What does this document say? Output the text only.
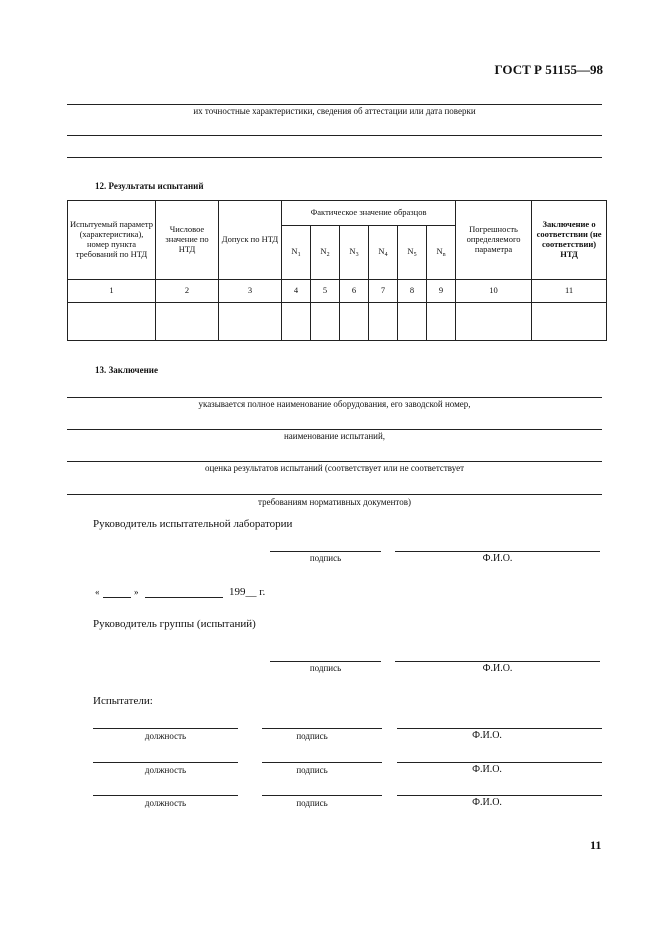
ГОСТ Р 51155—98
их точностные характеристики, сведения об аттестации или дата поверки
12. Результаты испытаний
Испытуемый параметр (характеристика), номер пункта требований по НТД	Числовое значение по НТД	Допуск по НТД	Фактическое значение образцов						Погрешность определяемого параметра	Заключение о соответствии (не соответствии) НТД
			$N_1$	$N_2$	$N_3$	$N_4$	$N_5$	$N_n$
1	2	3	4	5	6	7	8	9	10	11

13. Заключение
указывается полное наименование оборудования, его заводской номер,
наименование испытаний,
оценка результатов испытаний (соответствует или не соответствует
требованиям нормативных документов)
Руководитель испытательной лаборатории
подпись	Ф.И.О.
«	»	199__ г.
Руководитель группы (испытаний)
подпись	Ф.И.О.
Испытатели:
должность	подпись	Ф.И.О.
должность	подпись	Ф.И.О.
должность	подпись	Ф.И.О.
11
